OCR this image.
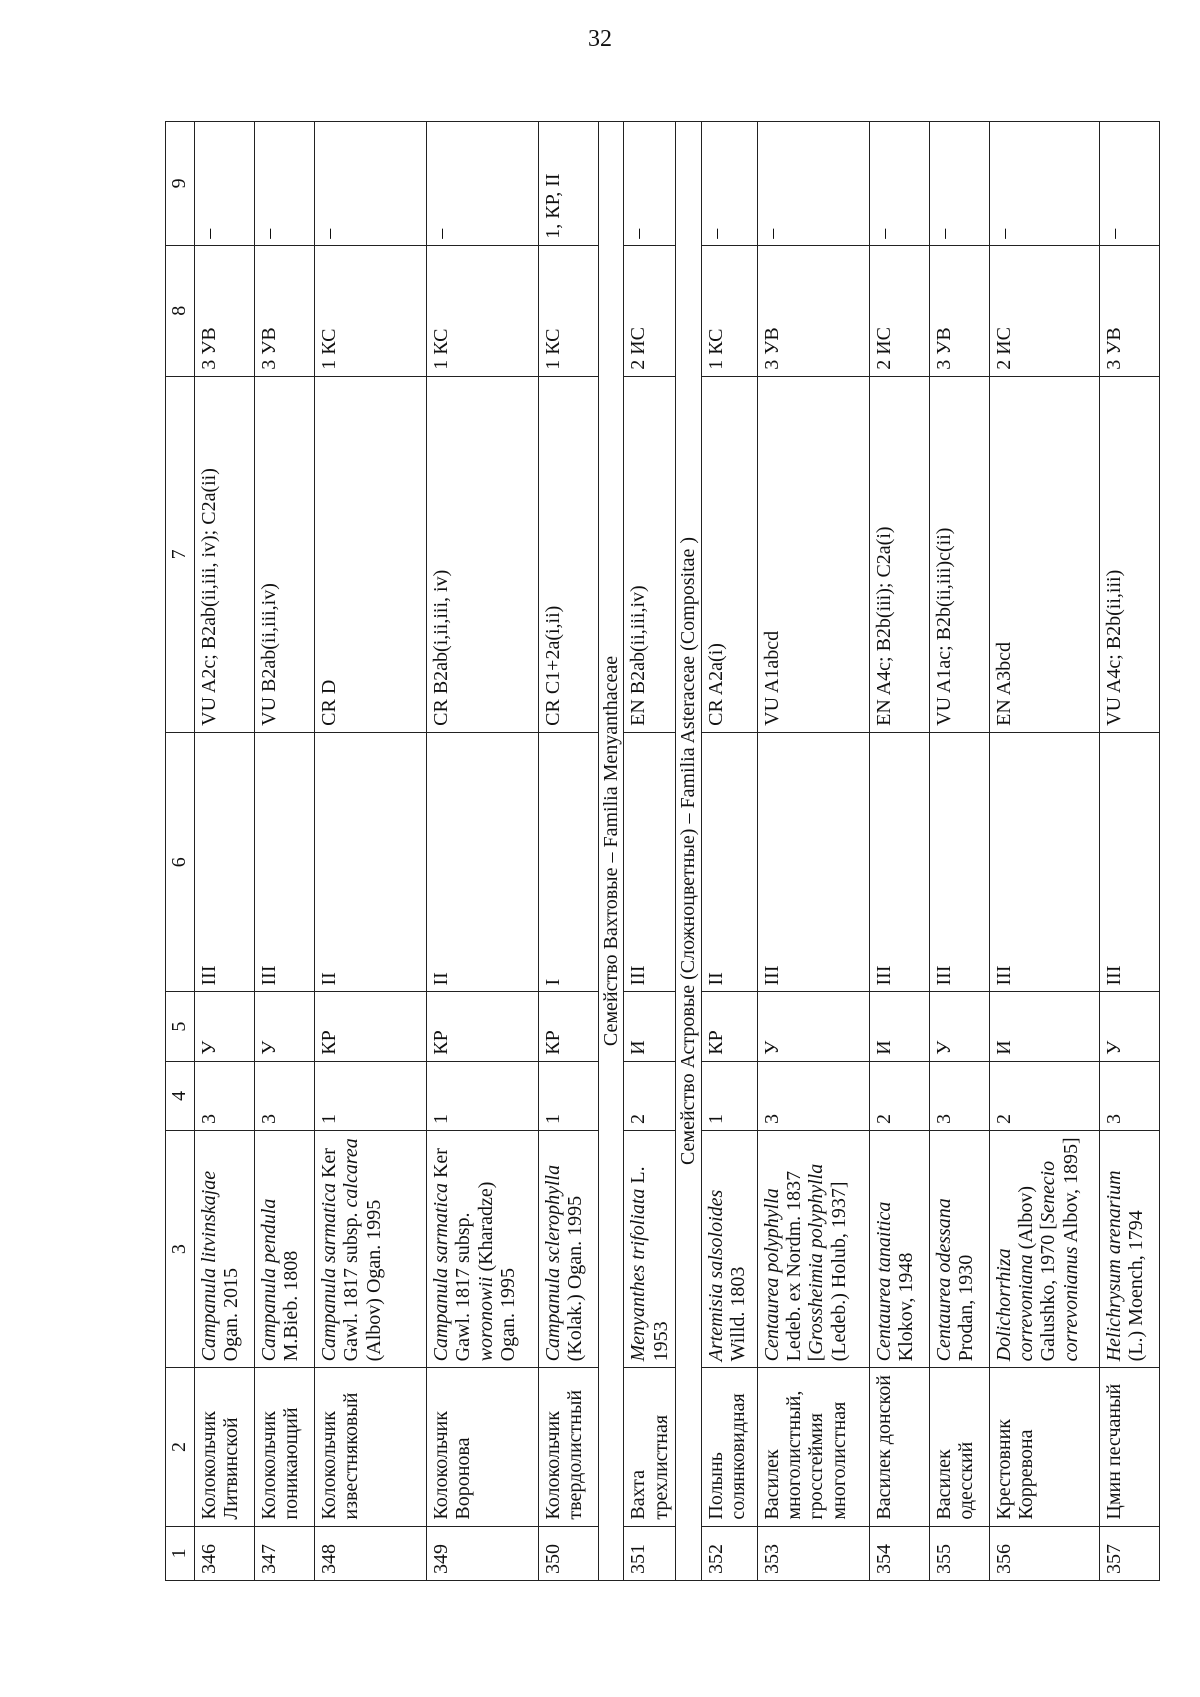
32
1	2	3	4	5	6	7	8	9
346	Колокольчик Литвинской	Campanula litvinskajae Ogan. 2015	3	У	III	VU A2c; B2ab(ii,iii, iv); C2a(ii)	3 УВ	–
347	Колокольчик поникающий	Campanula pendula M.Bieb. 1808	3	У	III	VU B2ab(ii,iii,iv)	3 УВ	–
348	Колокольчик известняковый	Campanula sarmatica Ker Gawl. 1817 subsp. calcarea (Albov) Ogan. 1995	1	КР	II	CR D	1 КС	–
349	Колокольчик Воронова	Campanula sarmatica Ker Gawl. 1817 subsp. woronowii (Kharadze) Ogan. 1995	1	КР	II	CR B2ab(i,ii,iii, iv)	1 КС	–
350	Колокольчик твердолистный	Campanula sclerophylla (Kolak.) Ogan. 1995	1	КР	I	CR C1+2a(i,ii)	1 КС	1, КР, II
Семейство Вахтовые – Familia Menyanthaceae								
351	Вахта трехлистная	Menyanthes trifoliata L. 1953	2	И	III	EN B2ab(ii,iii,iv)	2 ИС	–
Семейство Астровые (Сложноцветные) – Familia Asteraceae (Compositae )								
352	Полынь солянковидная	Artemisia salsoloides Willd. 1803	1	КР	II	CR A2a(i)	1 КС	–
353	Василек многолистный, гроссгеймия многолистная	Centaurea polyphylla Ledeb. ex Nordm. 1837 [Grossheimia polyphylla (Ledeb.) Holub, 1937]	3	У	III	VU A1abcd	3 УВ	–
354	Василек донской	Centaurea tanaitica Klokov, 1948	2	И	III	EN A4c; B2b(iii); C2a(i)	2 ИС	–
355	Василек одесский	Centaurea odessana Prodan, 1930	3	У	III	VU A1ac; B2b(ii,iii)c(ii)	3 УВ	–
356	Крестовник Корревона	Dolichorrhiza correvoniana (Albov) Galushko, 1970 [Senecio correvonianus Albov, 1895]	2	И	III	EN A3bcd	2 ИС	–
357	Цмин песчаный	Helichrysum arenarium (L.) Moench, 1794	3	У	III	VU A4c; B2b(ii,iii)	3 УВ	–
